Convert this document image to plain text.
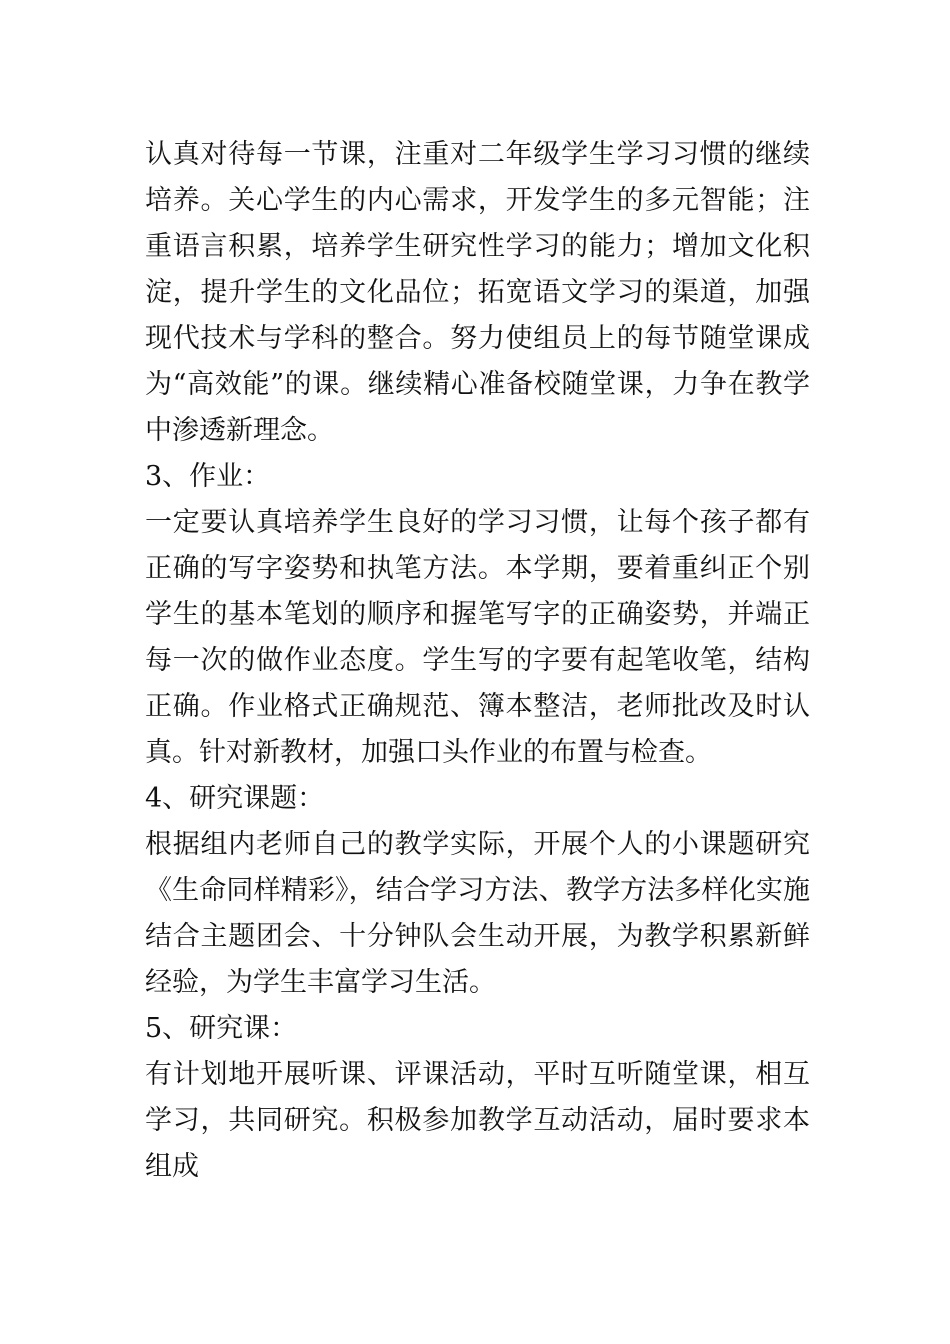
认真对待每一节课，注重对二年级学生学习习惯的继续培养。关心学生的内心需求，开发学生的多元智能；注重语言积累，培养学生研究性学习的能力；增加文化积淀，提升学生的文化品位；拓宽语文学习的渠道，加强现代技术与学科的整合。努力使组员上的每节随堂课成为“高效能”的课。继续精心准备校随堂课，力争在教学中渗透新理念。

3、作业：

一定要认真培养学生良好的学习习惯，让每个孩子都有正确的写字姿势和执笔方法。本学期，要着重纠正个别学生的基本笔划的顺序和握笔写字的正确姿势，并端正每一次的做作业态度。学生写的字要有起笔收笔，结构正确。作业格式正确规范、簿本整洁，老师批改及时认真。针对新教材，加强口头作业的布置与检查。

4、研究课题：

根据组内老师自己的教学实际，开展个人的小课题研究《生命同样精彩》，结合学习方法、教学方法多样化实施结合主题团会、十分钟队会生动开展，为教学积累新鲜经验，为学生丰富学习生活。

5、研究课：

有计划地开展听课、评课活动，平时互听随堂课，相互学习，共同研究。积极参加教学互动活动，届时要求本组成
